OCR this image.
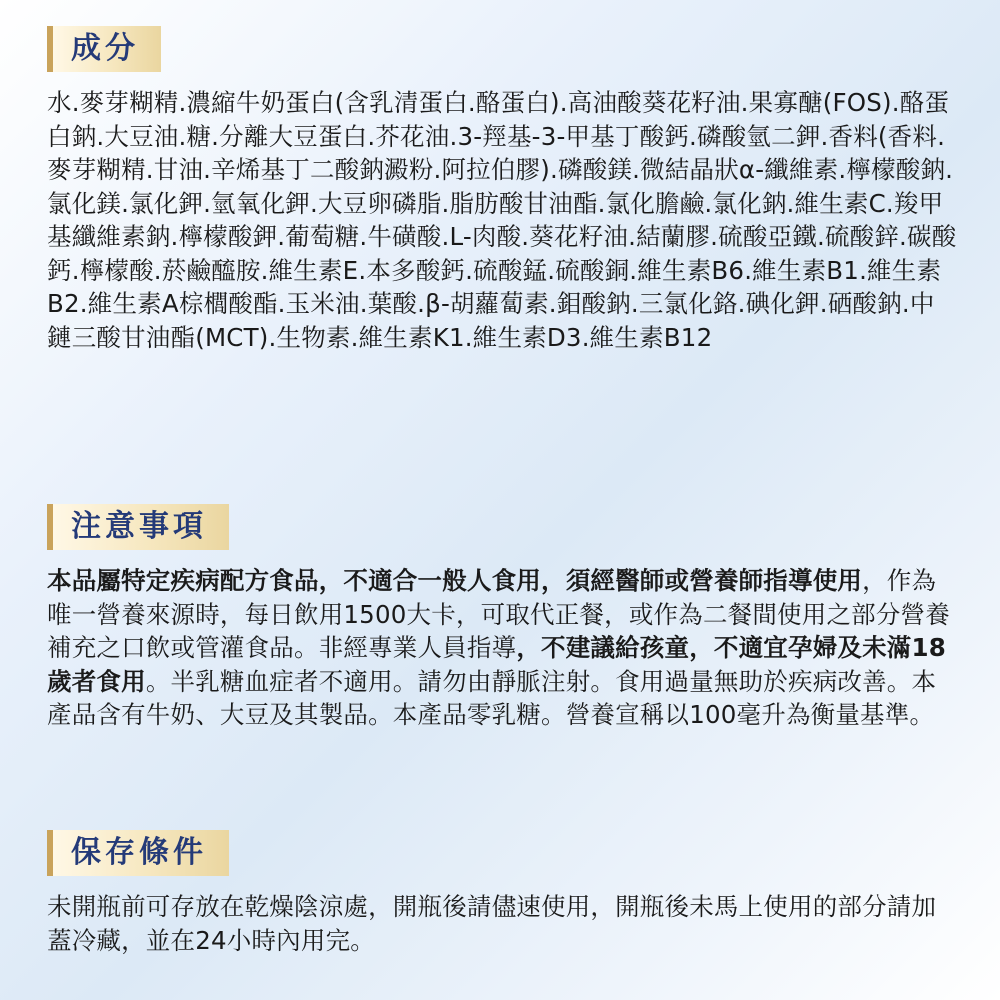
成分
水.麥芽糊精.濃縮牛奶蛋白(含乳清蛋白.酪蛋白).高油酸葵花籽油.果寡醣(FOS).酪蛋白鈉.大豆油.糖.分離大豆蛋白.芥花油.3-羥基-3-甲基丁酸鈣.磷酸氫二鉀.香料(香料.麥芽糊精.甘油.辛烯基丁二酸鈉澱粉.阿拉伯膠).磷酸鎂.微結晶狀α-纖維素.檸檬酸鈉.氯化鎂.氯化鉀.氫氧化鉀.大豆卵磷脂.脂肪酸甘油酯.氯化膽鹼.氯化鈉.維生素C.羧甲基纖維素鈉.檸檬酸鉀.葡萄糖.牛磺酸.L-肉酸.葵花籽油.結蘭膠.硫酸亞鐵.硫酸鋅.碳酸鈣.檸檬酸.菸鹼醯胺.維生素E.本多酸鈣.硫酸錳.硫酸銅.維生素B6.維生素B1.維生素B2.維生素A棕櫚酸酯.玉米油.葉酸.β-胡蘿蔔素.鉬酸鈉.三氯化鉻.碘化鉀.硒酸鈉.中鏈三酸甘油酯(MCT).生物素.維生素K1.維生素D3.維生素B12
注意事項
本品屬特定疾病配方食品，不適合一般人食用，須經醫師或營養師指導使用，作為唯一營養來源時，每日飲用1500大卡，可取代正餐，或作為二餐間使用之部分營養補充之口飲或管灌食品。非經專業人員指導，不建議給孩童，不適宜孕婦及未滿18歲者食用。半乳糖血症者不適用。請勿由靜脈注射。食用過量無助於疾病改善。本產品含有牛奶、大豆及其製品。本產品零乳糖。營養宣稱以100毫升為衡量基準。
保存條件
未開瓶前可存放在乾燥陰涼處，開瓶後請儘速使用，開瓶後未馬上使用的部分請加蓋冷藏，並在24小時內用完。
